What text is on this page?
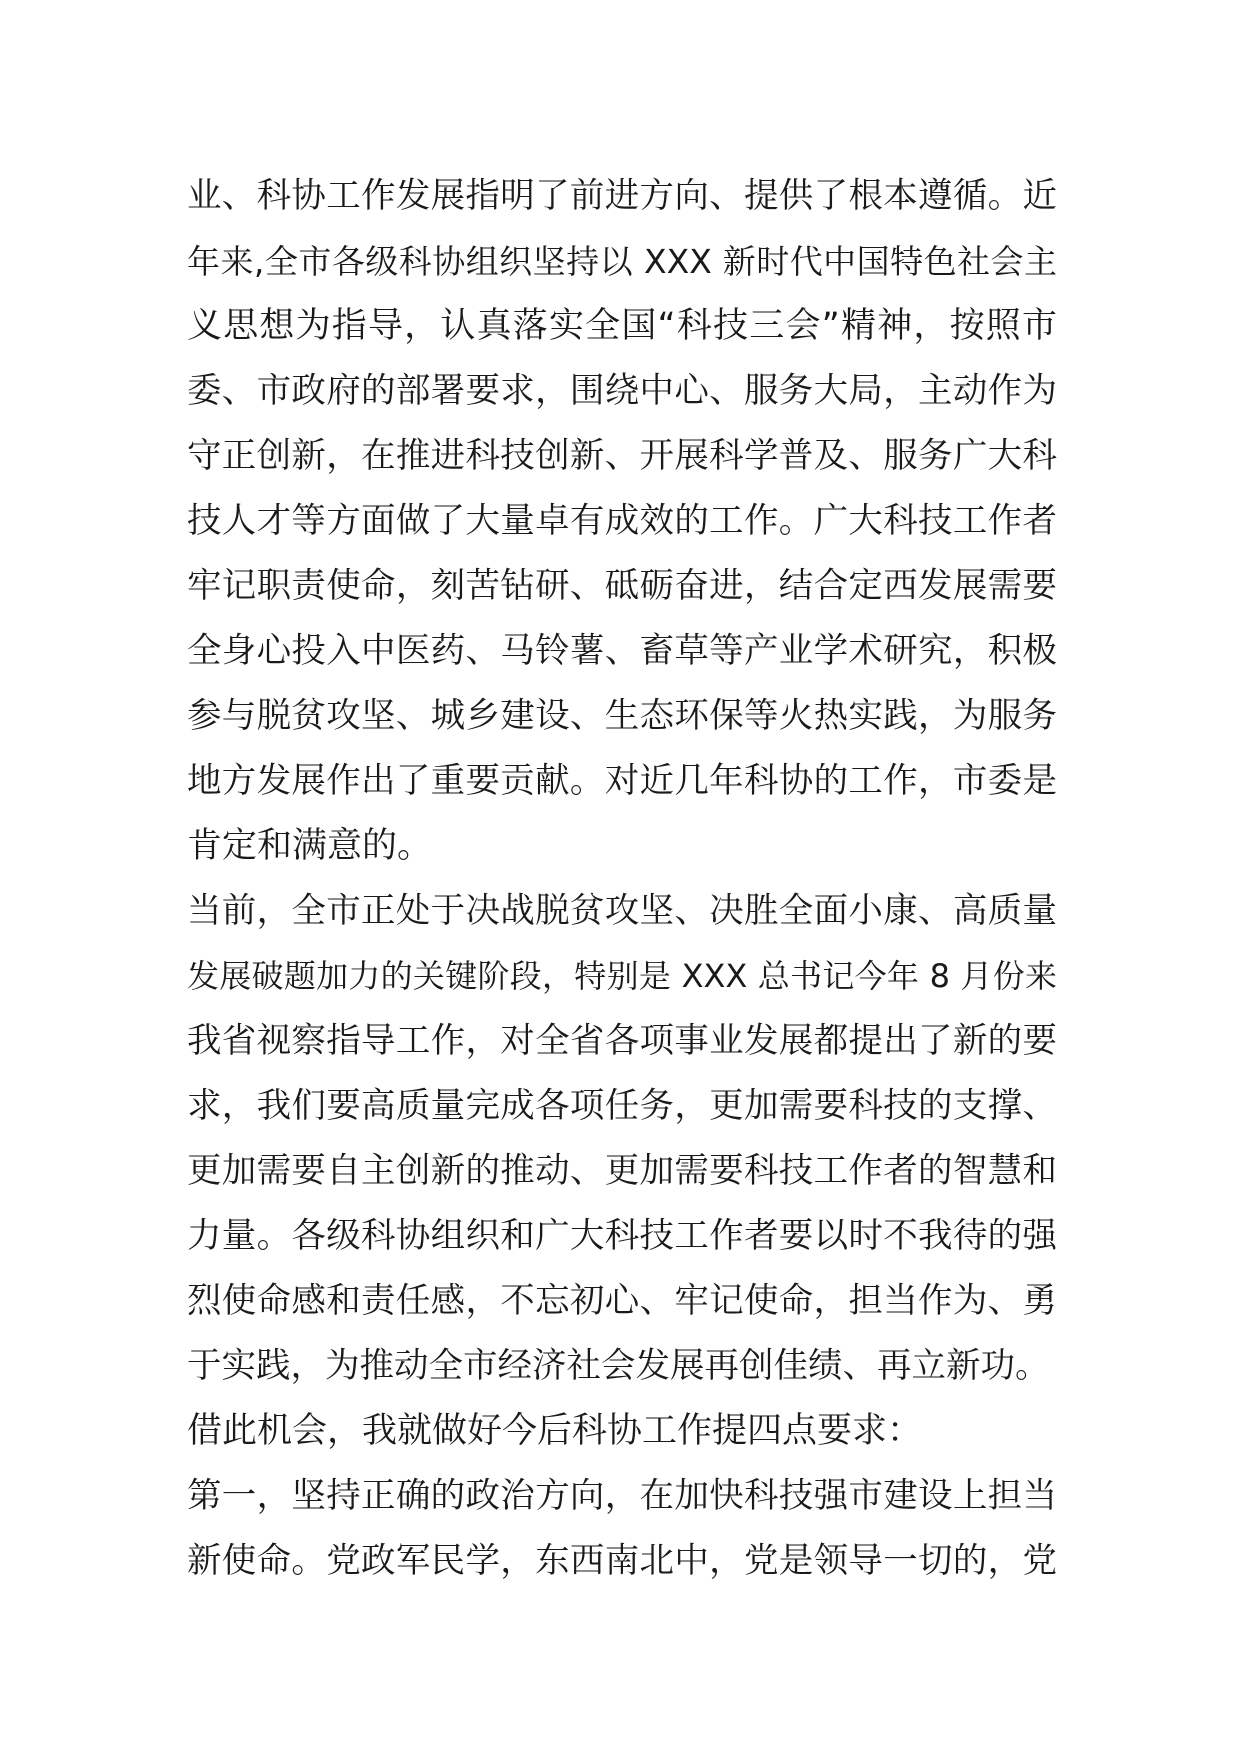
业、科协工作发展指明了前进方向、提供了根本遵循。近
年来,全市各级科协组织坚持以 XXX 新时代中国特色社会主
义思想为指导，认真落实全国“科技三会”精神，按照市
委、市政府的部署要求，围绕中心、服务大局，主动作为
守正创新，在推进科技创新、开展科学普及、服务广大科
技人才等方面做了大量卓有成效的工作。广大科技工作者
牢记职责使命，刻苦钻研、砥砺奋进，结合定西发展需要
全身心投入中医药、马铃薯、畜草等产业学术研究，积极
参与脱贫攻坚、城乡建设、生态环保等火热实践，为服务
地方发展作出了重要贡献。对近几年科协的工作，市委是
肯定和满意的。
当前，全市正处于决战脱贫攻坚、决胜全面小康、高质量
发展破题加力的关键阶段，特别是 XXX 总书记今年 8 月份来
我省视察指导工作，对全省各项事业发展都提出了新的要
求，我们要高质量完成各项任务，更加需要科技的支撑、
更加需要自主创新的推动、更加需要科技工作者的智慧和
力量。各级科协组织和广大科技工作者要以时不我待的强
烈使命感和责任感，不忘初心、牢记使命，担当作为、勇
于实践，为推动全市经济社会发展再创佳绩、再立新功。
借此机会，我就做好今后科协工作提四点要求：
第一，坚持正确的政治方向，在加快科技强市建设上担当
新使命。党政军民学，东西南北中，党是领导一切的，党
